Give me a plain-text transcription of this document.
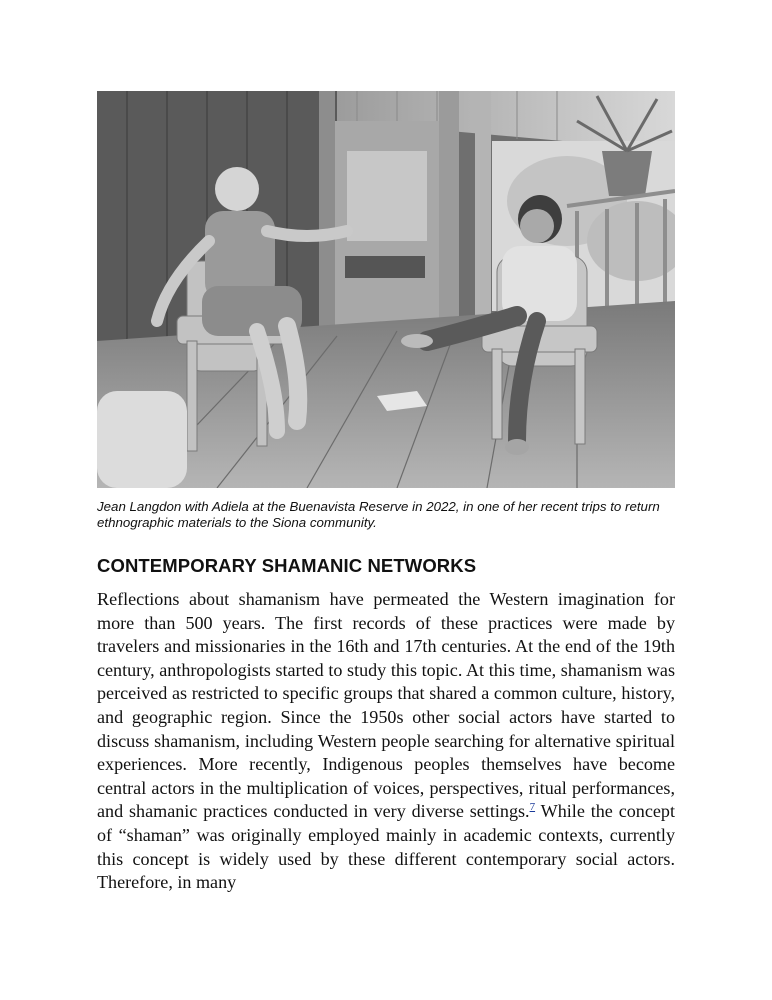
Jean Langdon with Adiela at the Buenavista Reserve in 2022, in one of her recent trips to return ethnographic materials to the Siona community.
CONTEMPORARY SHAMANIC NETWORKS

Reflections about shamanism have permeated the Western imagination for more than 500 years. The first records of these practices were made by travelers and missionaries in the 16th and 17th centuries. At the end of the 19th century, anthropologists started to study this topic. At this time, shamanism was perceived as restricted to specific groups that shared a common culture, history, and geographic region. Since the 1950s other social actors have started to discuss shamanism, including Western people searching for alternative spiritual experiences. More recently, Indigenous peoples themselves have become central actors in the multiplication of voices, perspectives, ritual performances, and shamanic practices conducted in very diverse settings.$^7$ While the concept of “shaman” was originally employed mainly in academic contexts, currently this concept is widely used by these different contemporary social actors. Therefore, in many
